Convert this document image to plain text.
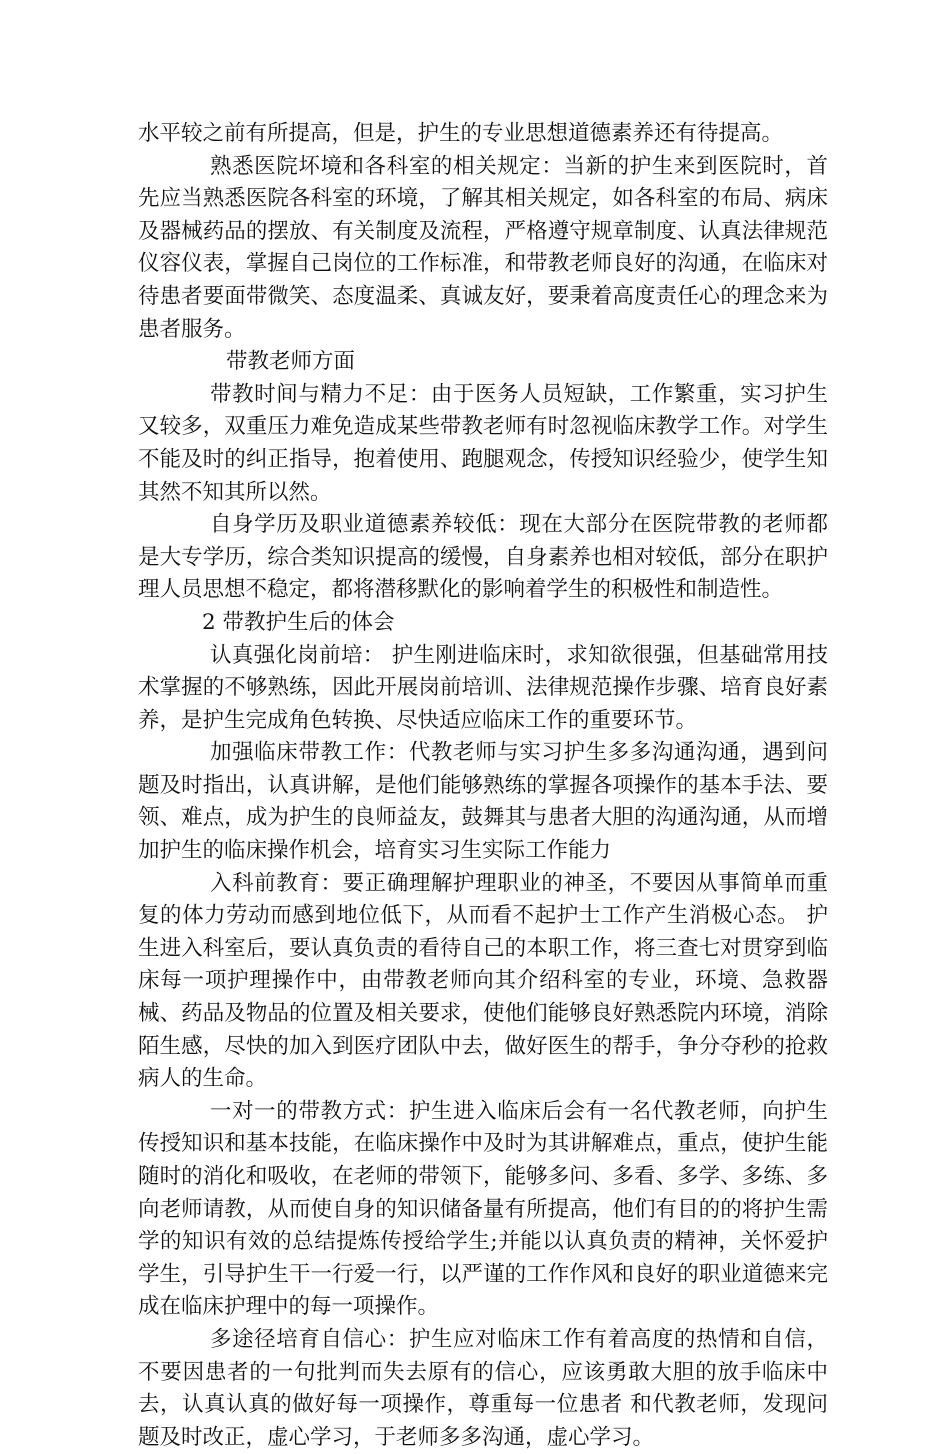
水平较之前有所提高，但是，护生的专业思想道德素养还有待提高。

熟悉医院坏境和各科室的相关规定：当新的护生来到医院时，首先应当熟悉医院各科室的环境，了解其相关规定，如各科室的布局、病床及器械药品的摆放、有关制度及流程，严格遵守规章制度、认真法律规范仪容仪表，掌握自己岗位的工作标准，和带教老师良好的沟通，在临床对待患者要面带微笑、态度温柔、真诚友好，要秉着高度责任心的理念来为患者服务。

带教老师方面

带教时间与精力不足：由于医务人员短缺，工作繁重，实习护生又较多，双重压力难免造成某些带教老师有时忽视临床教学工作。对学生不能及时的纠正指导，抱着使用、跑腿观念，传授知识经验少，使学生知其然不知其所以然。

自身学历及职业道德素养较低：现在大部分在医院带教的老师都是大专学历，综合类知识提高的缓慢，自身素养也相对较低，部分在职护理人员思想不稳定，都将潜移默化的影响着学生的积极性和制造性。

2 带教护生后的体会

认真强化岗前培： 护生刚进临床时，求知欲很强，但基础常用技术掌握的不够熟练，因此开展岗前培训、法律规范操作步骤、培育良好素养，是护生完成角色转换、尽快适应临床工作的重要环节。

加强临床带教工作：代教老师与实习护生多多沟通沟通，遇到问题及时指出，认真讲解，是他们能够熟练的掌握各项操作的基本手法、要领、难点，成为护生的良师益友，鼓舞其与患者大胆的沟通沟通，从而增加护生的临床操作机会，培育实习生实际工作能力

入科前教育：要正确理解护理职业的神圣，不要因从事简单而重复的体力劳动而感到地位低下，从而看不起护士工作产生消极心态。 护生进入科室后，要认真负责的看待自己的本职工作，将三查七对贯穿到临床每一项护理操作中，由带教老师向其介绍科室的专业，环境、急救器械、药品及物品的位置及相关要求，使他们能够良好熟悉院内环境，消除陌生感，尽快的加入到医疗团队中去，做好医生的帮手，争分夺秒的抢救病人的生命。

一对一的带教方式：护生进入临床后会有一名代教老师，向护生传授知识和基本技能，在临床操作中及时为其讲解难点，重点，使护生能随时的消化和吸收，在老师的带领下，能够多问、多看、多学、多练、多向老师请教，从而使自身的知识储备量有所提高，他们有目的的将护生需学的知识有效的总结提炼传授给学生;并能以认真负责的精神，关怀爱护学生，引导护生干一行爱一行，以严谨的工作作风和良好的职业道德来完成在临床护理中的每一项操作。

多途径培育自信心：护生应对临床工作有着高度的热情和自信，不要因患者的一句批判而失去原有的信心，应该勇敢大胆的放手临床中去，认真认真的做好每一项操作，尊重每一位患者 和代教老师，发现问题及时改正，虚心学习，于老师多多沟通，虚心学习。
